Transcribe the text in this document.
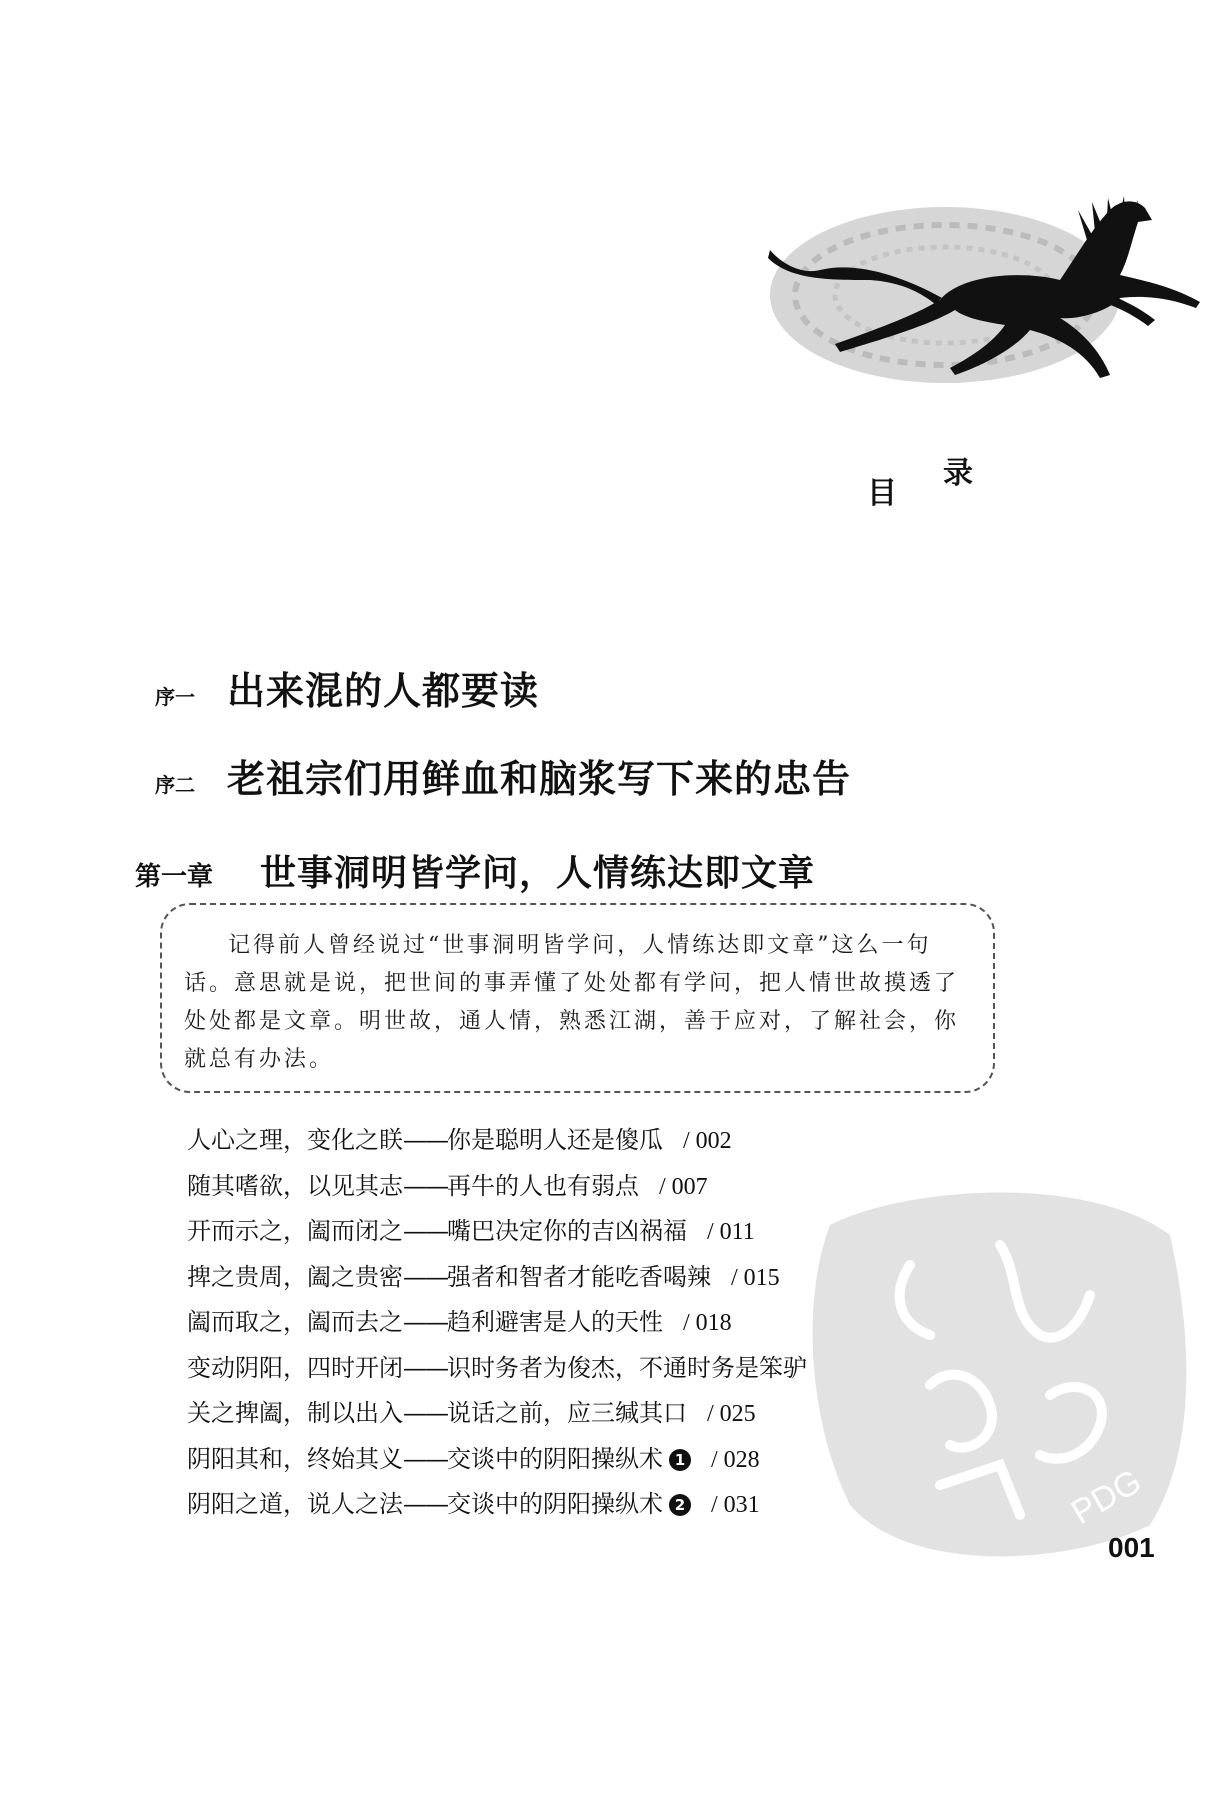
目
录
序一 出来混的人都要读
序二 老祖宗们用鲜血和脑浆写下来的忠告
第一章	世事洞明皆学问，人情练达即文章

记得前人曾经说过“世事洞明皆学问，人情练达即文章”这么一句话。意思就是说，把世间的事弄懂了处处都有学问，把人情世故摸透了处处都是文章。明世故，通人情，熟悉江湖，善于应对，了解社会，你就总有办法。

人心之理，变化之眹——你是聪明人还是傻瓜 / 002
随其嗜欲，以见其志——再牛的人也有弱点 / 007
开而示之，阖而闭之——嘴巴决定你的吉凶祸福 / 011
捭之贵周，阖之贵密——强者和智者才能吃香喝辣 / 015
阖而取之，阖而去之——趋利避害是人的天性 / 018
变动阴阳，四时开闭——识时务者为俊杰，不通时务是笨驴
关之捭阖，制以出入——说话之前，应三缄其口 / 025
阴阳其和，终始其义——交谈中的阴阳操纵术 1 / 028
阴阳之道，说人之法——交谈中的阴阳操纵术 2 / 031	PDG
001
